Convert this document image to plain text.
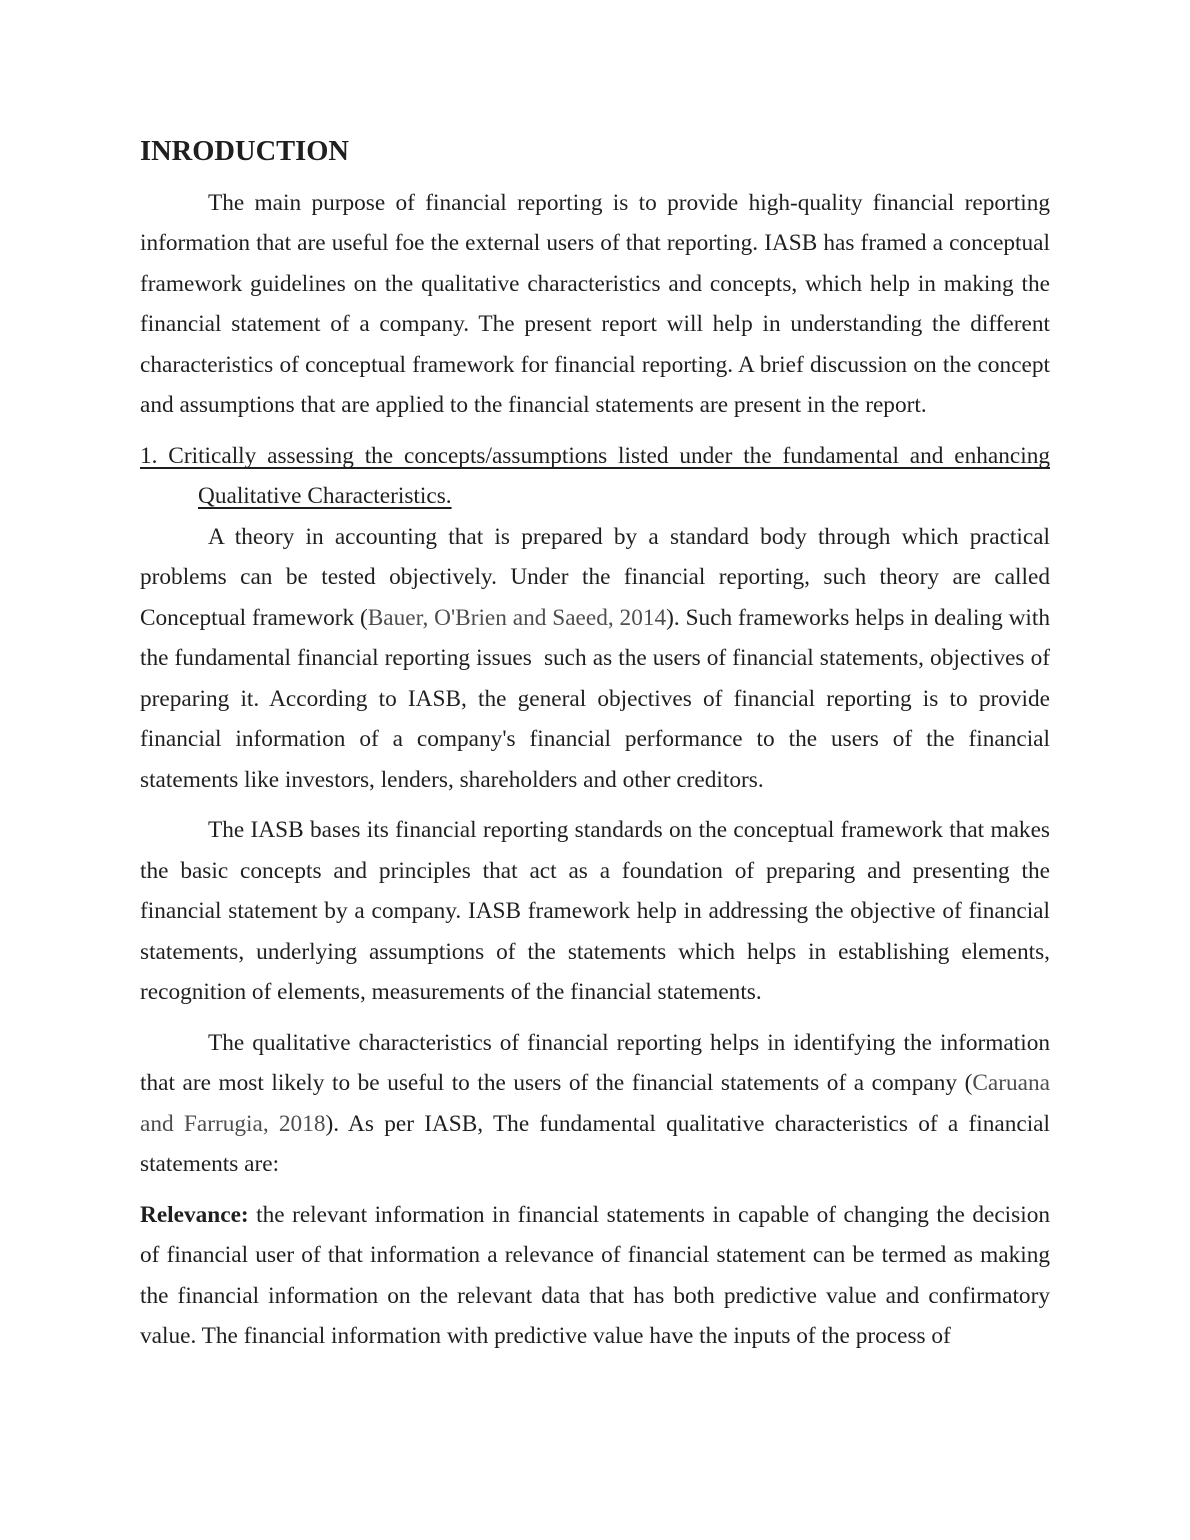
INRODUCTION

The main purpose of financial reporting is to provide high-quality financial reporting information that are useful foe the external users of that reporting. IASB has framed a conceptual framework guidelines on the qualitative characteristics and concepts, which help in making the financial statement of a company. The present report will help in understanding the different characteristics of conceptual framework for financial reporting. A brief discussion on the concept and assumptions that are applied to the financial statements are present in the report.

1. Critically assessing the concepts/assumptions listed under the fundamental and enhancing Qualitative Characteristics.

A theory in accounting that is prepared by a standard body through which practical problems can be tested objectively. Under the financial reporting, such theory are called Conceptual framework (Bauer, O'Brien and Saeed, 2014). Such frameworks helps in dealing with the fundamental financial reporting issues  such as the users of financial statements, objectives of preparing it. According to IASB, the general objectives of financial reporting is to provide financial information of a company's financial performance to the users of the financial statements like investors, lenders, shareholders and other creditors.

The IASB bases its financial reporting standards on the conceptual framework that makes the basic concepts and principles that act as a foundation of preparing and presenting the financial statement by a company. IASB framework help in addressing the objective of financial statements, underlying assumptions of the statements which helps in establishing elements, recognition of elements, measurements of the financial statements.

The qualitative characteristics of financial reporting helps in identifying the information that are most likely to be useful to the users of the financial statements of a company (Caruana and Farrugia, 2018). As per IASB, The fundamental qualitative characteristics of a financial statements are:

Relevance: the relevant information in financial statements in capable of changing the decision of financial user of that information a relevance of financial statement can be termed as making the financial information on the relevant data that has both predictive value and confirmatory value. The financial information with predictive value have the inputs of the process of
